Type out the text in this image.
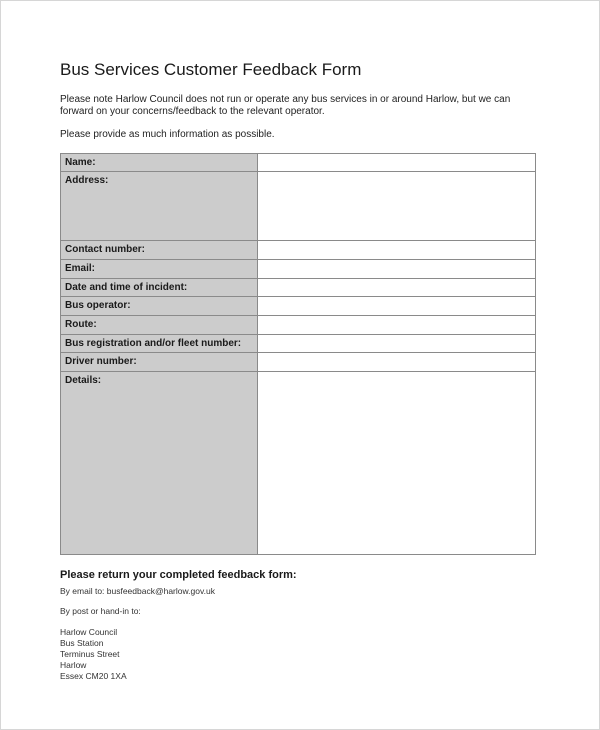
Bus Services Customer Feedback Form
Please note Harlow Council does not run or operate any bus services in or around Harlow, but we can forward on your concerns/feedback to the relevant operator.
Please provide as much information as possible.
Name:	
Address:	
Contact number:	
Email:	
Date and time of incident:	
Bus operator:	
Route:	
Bus registration and/or fleet number:	
Driver number:	
Details:	
Please return your completed feedback form:
By email to: busfeedback@harlow.gov.uk
By post or hand-in to:
Harlow Council
Bus Station
Terminus Street
Harlow
Essex CM20 1XA
